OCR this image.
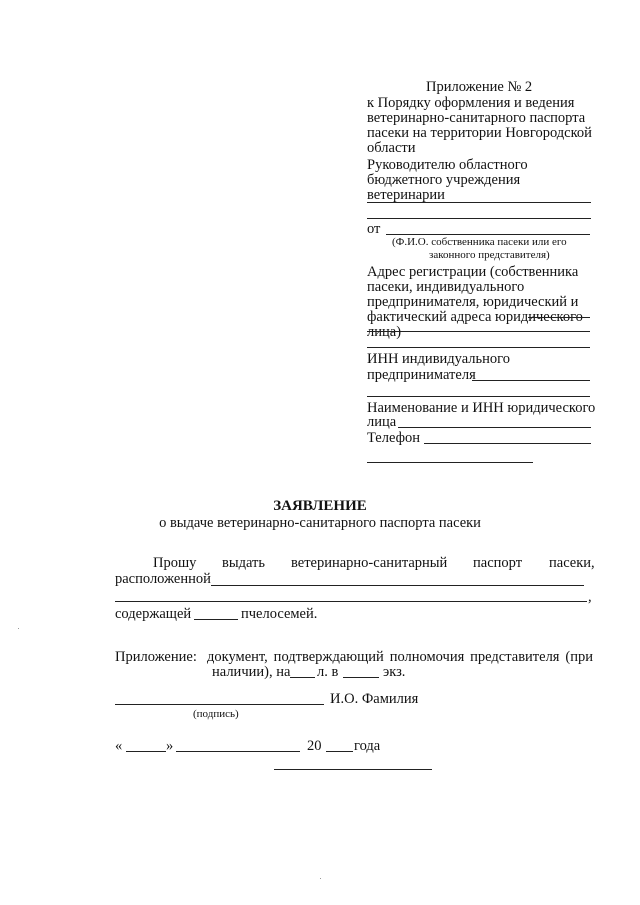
Приложение № 2
к Порядку оформления и ведения ветеринарно-санитарного паспорта пасеки на территории Новгородской области
Руководителю областного бюджетного учреждения ветеринарии
от
(Ф.И.О. собственника пасеки или его
законного представителя)
Адрес регистрации (собственника пасеки, индивидуального предпринимателя, юридический и фактический адреса юридического лица)
ИНН индивидуального
предпринимателя
Наименование и ИНН юридического
лица
Телефон
ЗАЯВЛЕНИЕ
о выдаче ветеринарно-санитарного паспорта пасеки
Прошу выдать ветеринарно-санитарный паспорт пасеки,
расположенной
,
содержащей	пчелосемей.
Приложение: документ, подтверждающий полномочия представителя (при
наличии), на л. в	экз.
И.О. Фамилия
(подпись)
«	»	20 года
